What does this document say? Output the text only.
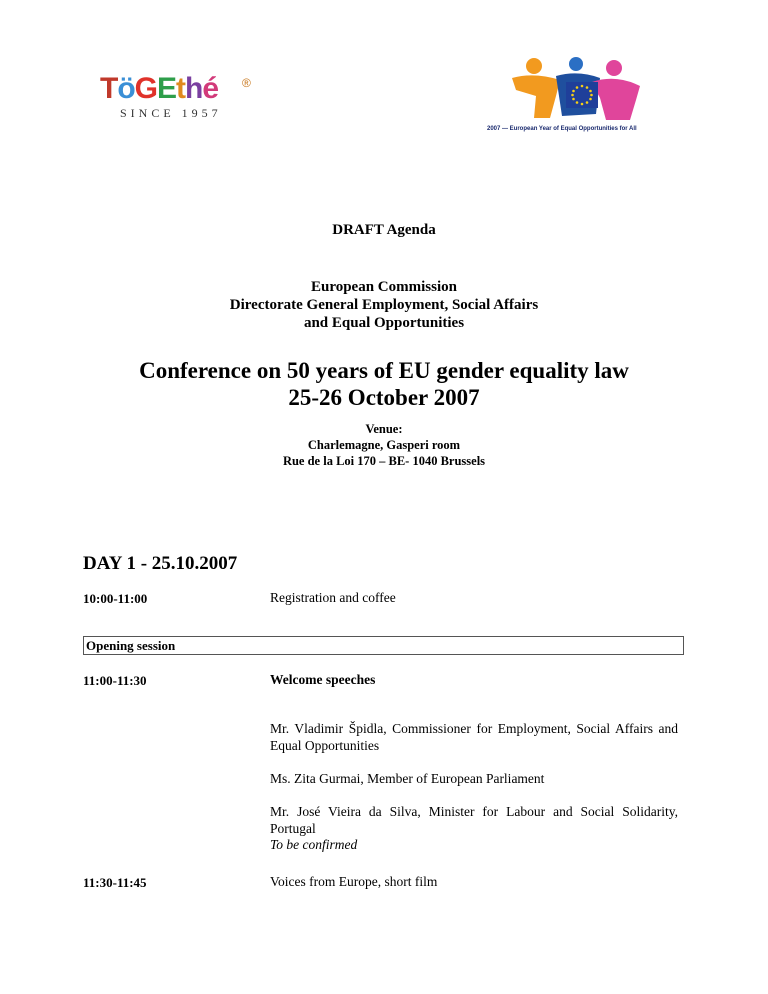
TöGEthé ®
SINCE 1957
2007 — European Year of Equal Opportunities for All
DRAFT Agenda
European Commission
Directorate General Employment, Social Affairs
and Equal Opportunities
Conference on 50 years of EU gender equality law
25-26 October 2007
Venue:
Charlemagne, Gasperi room
Rue de la Loi 170 – BE- 1040 Brussels
DAY 1 - 25.10.2007
10:00-11:00	Registration and coffee
Opening session
11:00-11:30	Welcome speeches
Mr. Vladimir Špidla, Commissioner for Employment, Social Affairs and Equal Opportunities
Ms. Zita Gurmai, Member of European Parliament
Mr. José Vieira da Silva, Minister for Labour and Social Solidarity, Portugal
To be confirmed
11:30-11:45	Voices from Europe, short film
